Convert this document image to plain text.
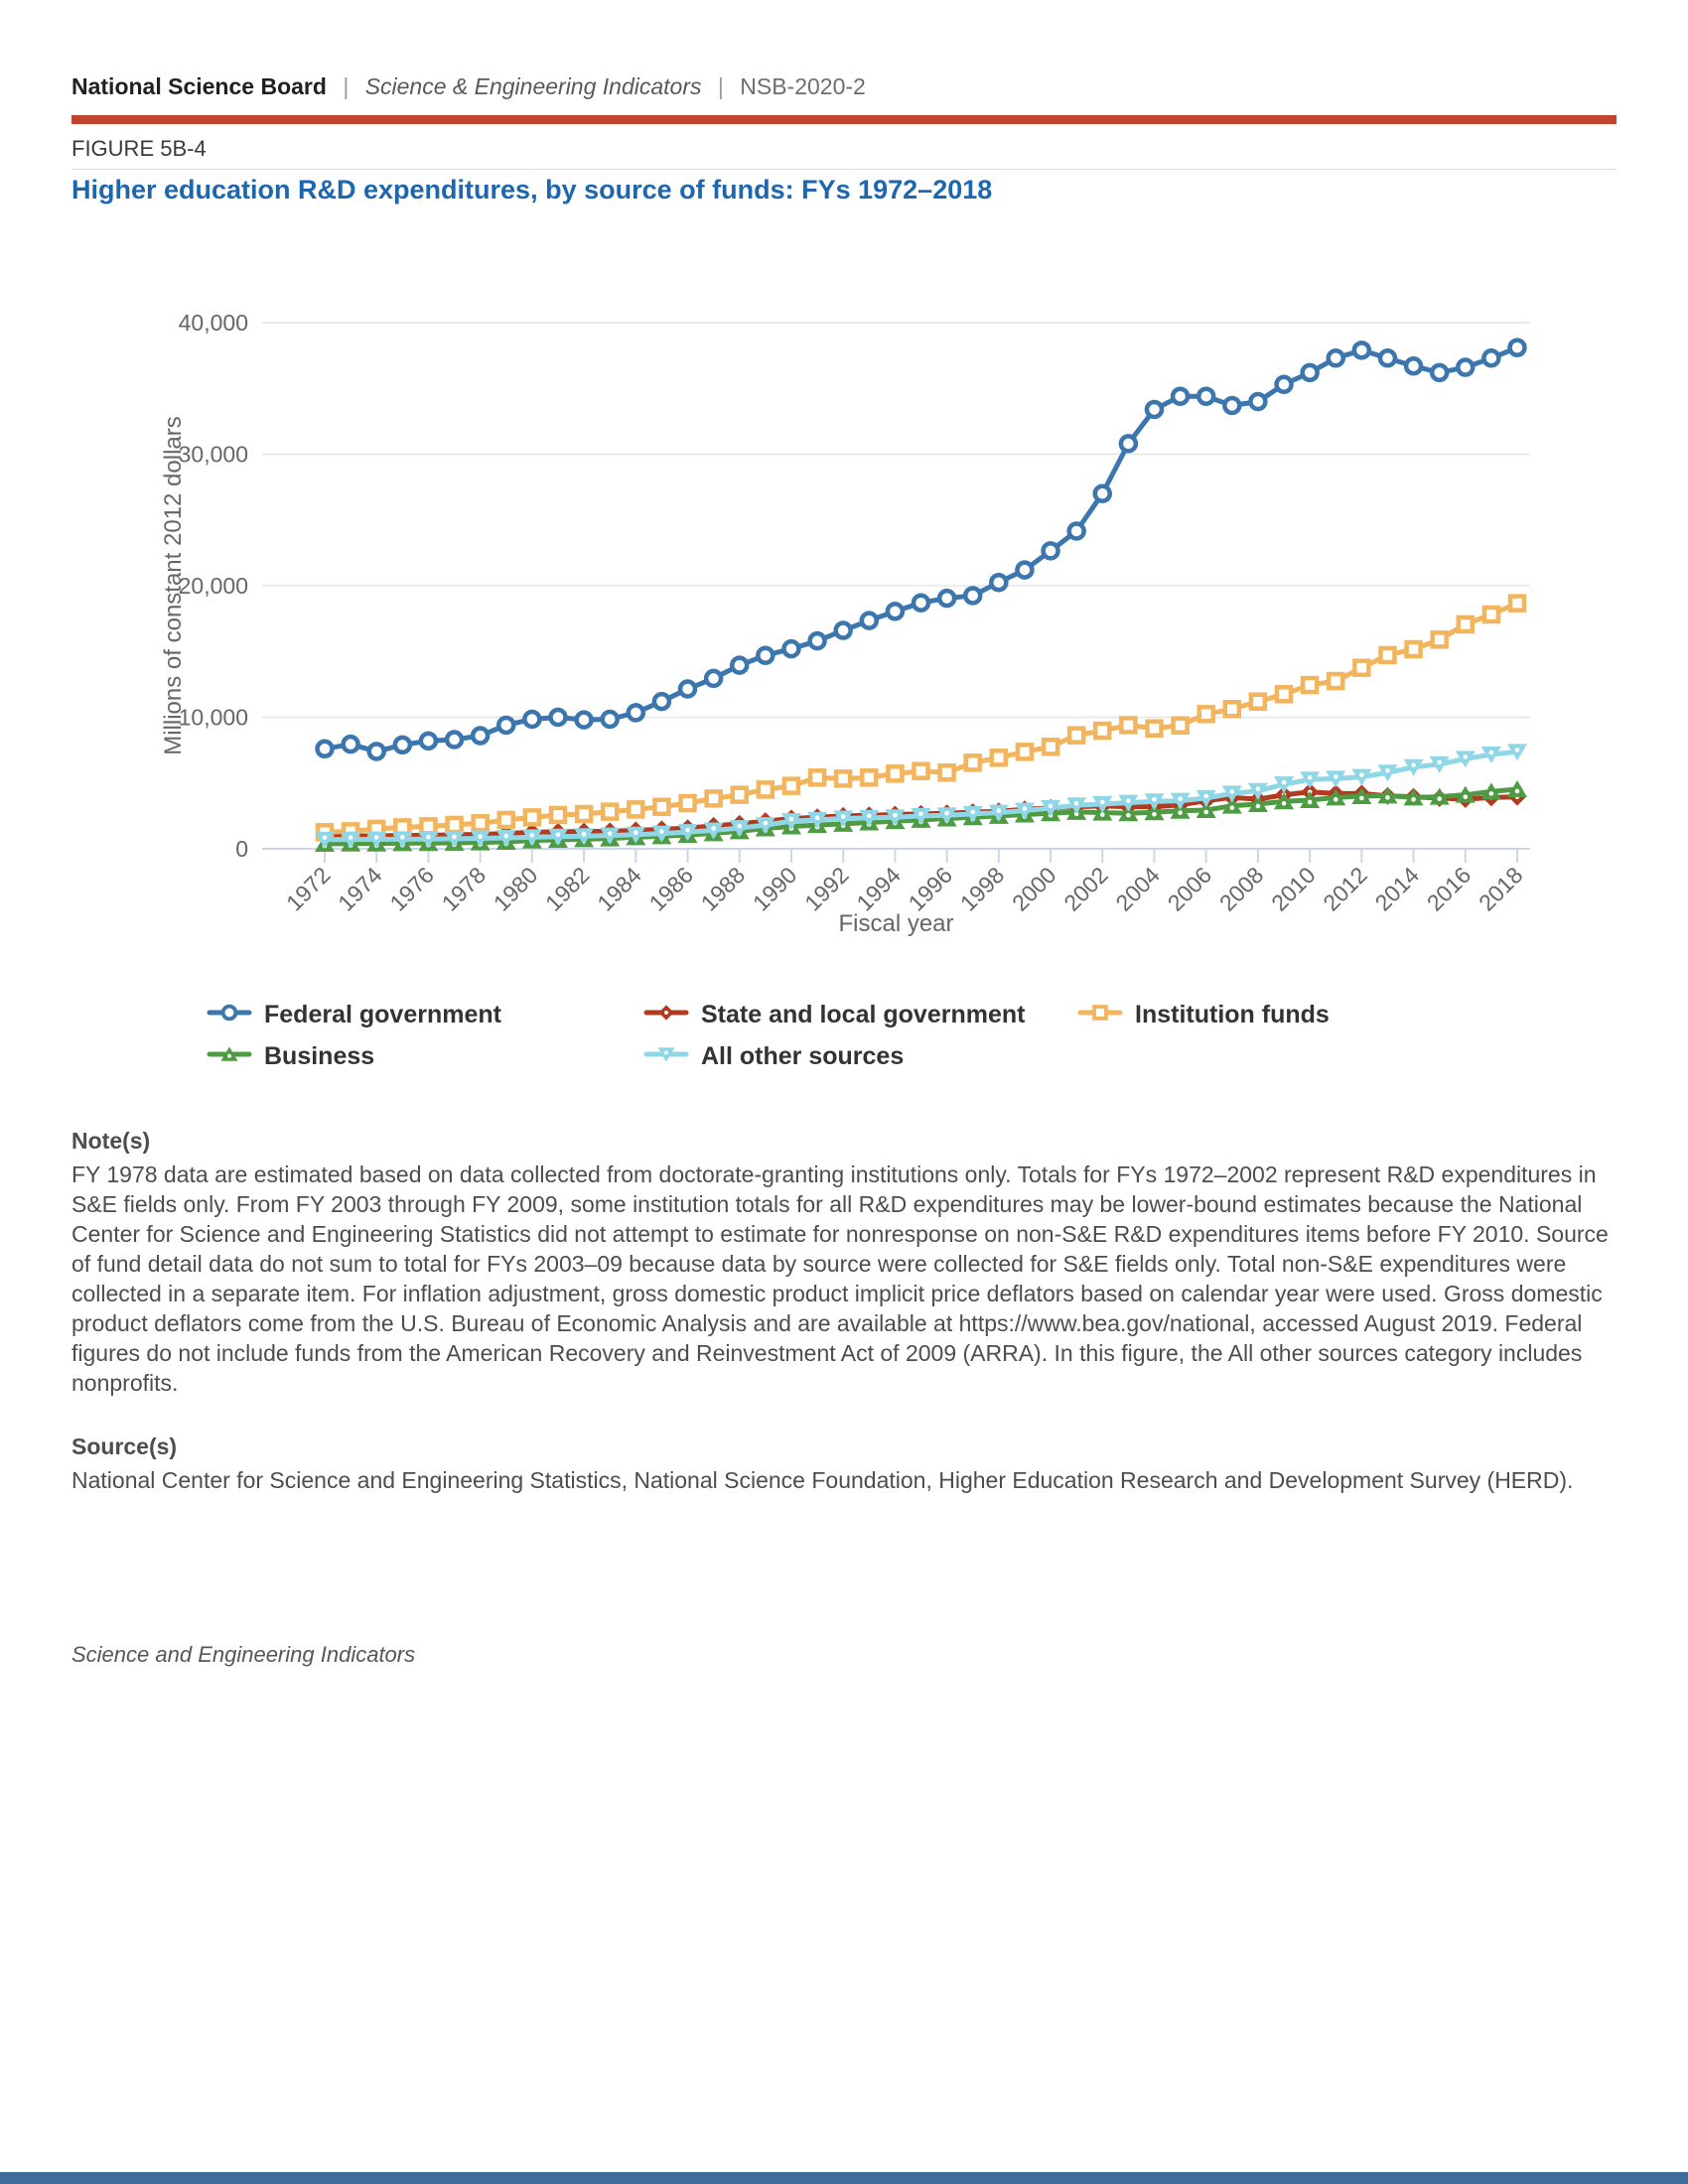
National Science Board | Science & Engineering Indicators | NSB-2020-2
FIGURE 5B-4
Higher education R&D expenditures, by source of funds: FYs 1972–2018
0
10,000
20,000
30,000
40,000
Millions of constant 2012 dollars
1972
1974
1976
1978
1980
1982
1984
1986
1988
1990
1992
1994
1996
1998
2000
2002
2004
2006
2008
2010
2012
2014
2016
2018
Fiscal year
Federal government	State and local government	Institution funds
Business	All other sources
Note(s)
FY 1978 data are estimated based on data collected from doctorate-granting institutions only. Totals for FYs 1972–2002 represent R&D expenditures in S&E fields only. From FY 2003 through FY 2009, some institution totals for all R&D expenditures may be lower-bound estimates because the National Center for Science and Engineering Statistics did not attempt to estimate for nonresponse on non-S&E R&D expenditures items before FY 2010. Source of fund detail data do not sum to total for FYs 2003–09 because data by source were collected for S&E fields only. Total non-S&E expenditures were collected in a separate item. For inflation adjustment, gross domestic product implicit price deflators based on calendar year were used. Gross domestic product deflators come from the U.S. Bureau of Economic Analysis and are available at https://www.bea.gov/national, accessed August 2019. Federal figures do not include funds from the American Recovery and Reinvestment Act of 2009 (ARRA). In this figure, the All other sources category includes nonprofits.
Source(s)
National Center for Science and Engineering Statistics, National Science Foundation, Higher Education Research and Development Survey (HERD).
Science and Engineering Indicators
